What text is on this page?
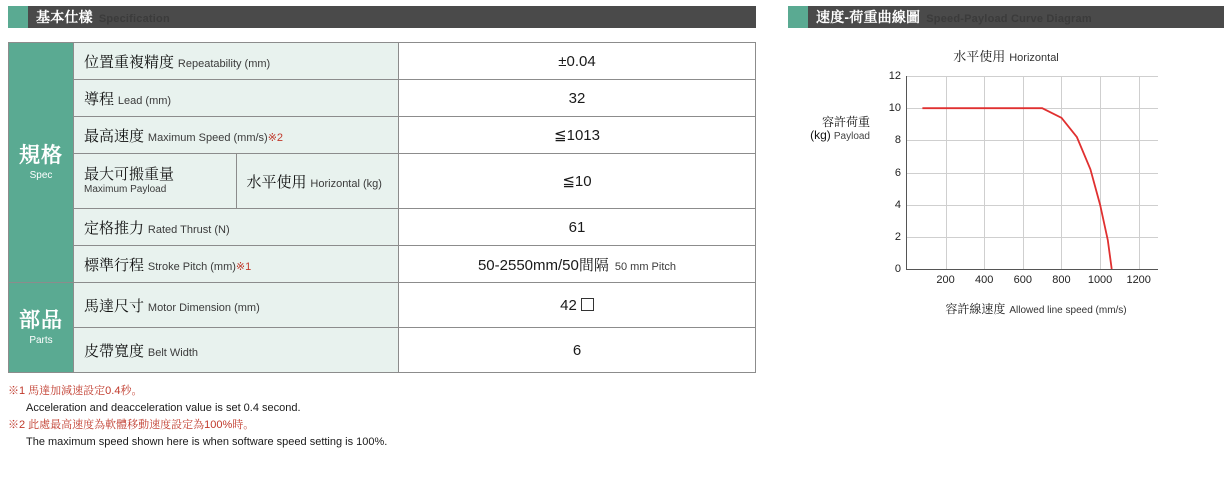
基本仕樣 Specification
規格
Spec	位置重複精度 Repeatability (mm)		±0.04
	導程 Lead (mm)		32
	最高速度 Maximum Speed (mm/s)※2		≦1013

	最大可搬重量
Maximum Payload	水平使用 Horizontal (kg)	≦10
	定格推力 Rated Thrust (N)		61
	標準行程 Stroke Pitch (mm)※1		50-2550mm/50間隔 50 mm Pitch
部品
Parts	馬達尺寸 Motor Dimension (mm)		42
	皮帶寬度 Belt Width		6
※1 馬達加減速設定0.4秒。
Acceleration and deacceleration value is set 0.4 second.
※2 此處最高速度為軟體移動速度設定為100%時。
The maximum speed shown here is when software speed setting is 100%.
速度-荷重曲線圖 Speed-Payload Curve Diagram
水平使用 Horizontal
容許荷重
(kg) Payload
200 400 600 800 1000 1200
0
2
4
6
8
10
12
容許線速度 Allowed line speed (mm/s)
